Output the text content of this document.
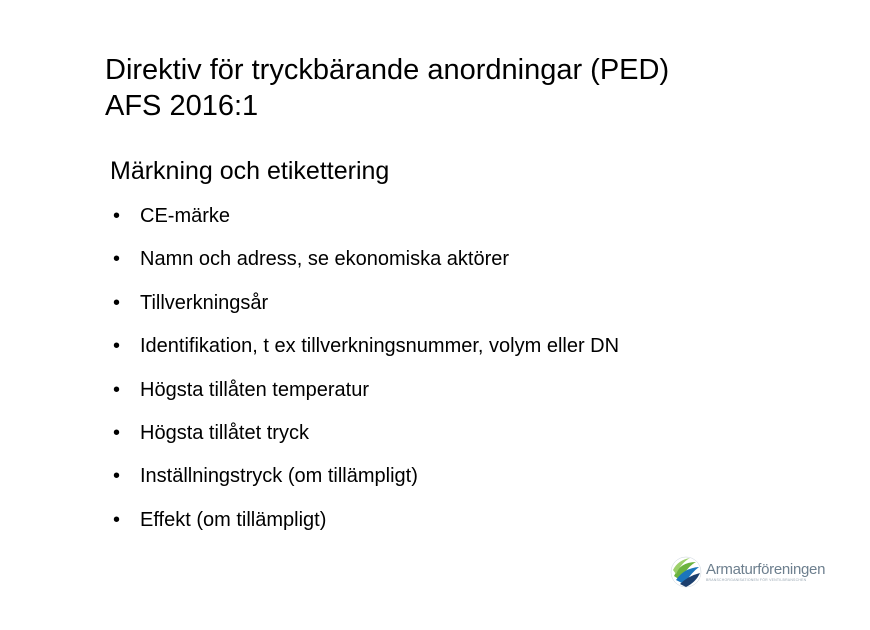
Direktiv för tryckbärande anordningar (PED)
AFS 2016:1
Märkning och etikettering
• CE-märke
• Namn och adress, se ekonomiska aktörer
• Tillverkningsår
• Identifikation, t ex tillverkningsnummer, volym eller DN
• Högsta tillåten temperatur
• Högsta tillåtet tryck
• Inställningstryck (om tillämpligt)
• Effekt (om tillämpligt)
Armaturföreningen
BRANSCHORGANISATIONEN FÖR VENTILBRANSCHEN
